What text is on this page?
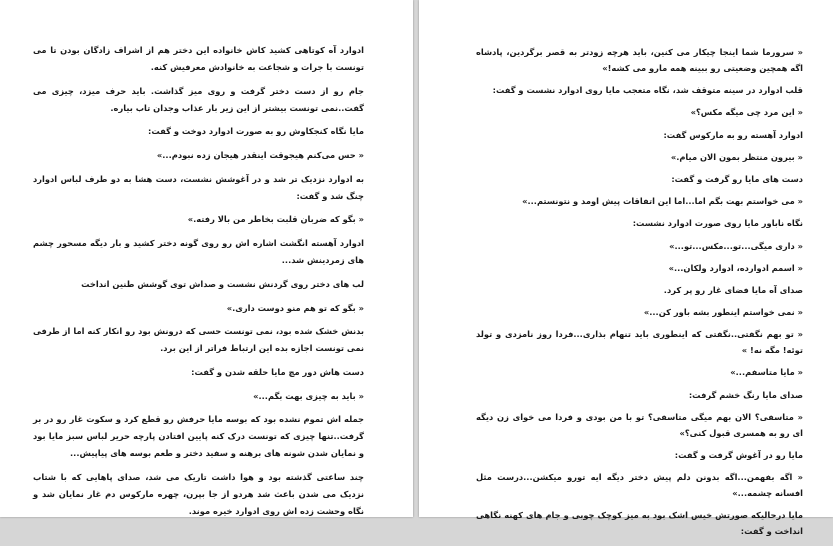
ادوارد آه کوتاهی کشید کاش خانواده این دختر هم از اشراف زادگان بودن تا می تونست با جرات و شجاعت به خانوادش معرفیش کنه.

جام رو از دست دختر گرفت و روی میز گذاشت. باید حرف میزد، چیزی می گفت..نمی تونست بیشتر از این زیر بار عذاب وجدان تاب بیاره.

مایا نگاه کنجکاوش رو به صورت ادوارد دوخت و گفت:

« حس می‌کنم هیجوقت اینقدر هیجان زده نبودم...»

به ادوارد نزدیک تر شد و در آغوشش نشست، دست هشا به دو طرف لباس ادوارد چنگ شد و گفت:

« بگو که ضربان قلبت بخاطر من بالا رفته.»

ادوارد آهسته انگشت اشاره اش رو روی گونه دختر کشید و بار دیگه مسحور چشم های زمردینش شد...

لب های دختر روی گردنش نشست و صداش توی گوشش طنین انداخت

« بگو که تو هم منو دوست داری.»

بدنش خشک شده بود، نمی تونست حسی که درونش بود رو انکار کنه اما از طرفی نمی تونست اجازه بده این ارتباط فراتر از این برد.

دست هاش دور مچ مایا حلقه شدن و گفت:

« باید به چیزی بهت بگم...»

جمله اش تموم نشده بود که بوسه مایا حرفش رو قطع کرد و سکوت غار رو در بر گرفت..تنها چیزی که تونست درک کنه پایین افتادن پارچه حریر لباس سبز مایا بود و نمایان شدن شونه های برهنه و سفید دختر و طعم بوسه های پیاپیش...

چند ساعتی گذشته بود و هوا داشت تاریک می شد، صدای پاهایی که با شتاب نزدیک می شدن باعث شد هردو از جا بپرن، چهره مارکوس دم غار نمایان شد و نگاه وحشت زده اش روی ادوارد خیره موند.

« سرورما شما اینجا چیکار می کنین، باید هرچه زودتر به قصر برگردین، پادشاه اگه همچین وضعیتی رو ببینه همه مارو می کشه!»

قلب ادوارد در سینه متوقف شد، نگاه متعجب مایا روی ادوارد نشست و گفت:

« این مرد چی میگه مکس؟»

ادوارد آهسته رو به مارکوس گفت:

« بیرون منتظر بمون الان میام.»

دست های مایا رو گرفت و گفت:

« می خواستم بهت بگم اما...اما این اتفاقات پیش اومد و نتونستم...»

نگاه ناباور مایا روی صورت ادوارد نشست:

« داری میگی...تو...مکس...تو...»

« اسمم ادوارده، ادوارد ولکان...»

صدای آه مایا فضای غار رو پر کرد.

« نمی خواستم اینطور بشه باور کن...»

« تو بهم نگفتی..نگفتی که اینطوری باید تنهام بذاری...فردا روز نامزدی و تولد توئه! مگه نه! »

« مایا متاسفم...»

صدای مایا رنگ خشم گرفت:

« متاسفی؟ الان بهم میگی متاسفی؟ تو با من بودی و فردا می خوای زن دیگه ای رو به همسری قبول کنی؟»

مایا رو در آغوش گرفت و گفت:

« اگه بفهمن...اگه بدونن دلم پیش دختر دیگه ایه تورو میکشن...درست مثل افسانه چشمه...»

مایا درحالیکه صورتش خیس اشک بود به میز کوچک چوبی و جام های کهنه نگاهی انداخت و گفت:
